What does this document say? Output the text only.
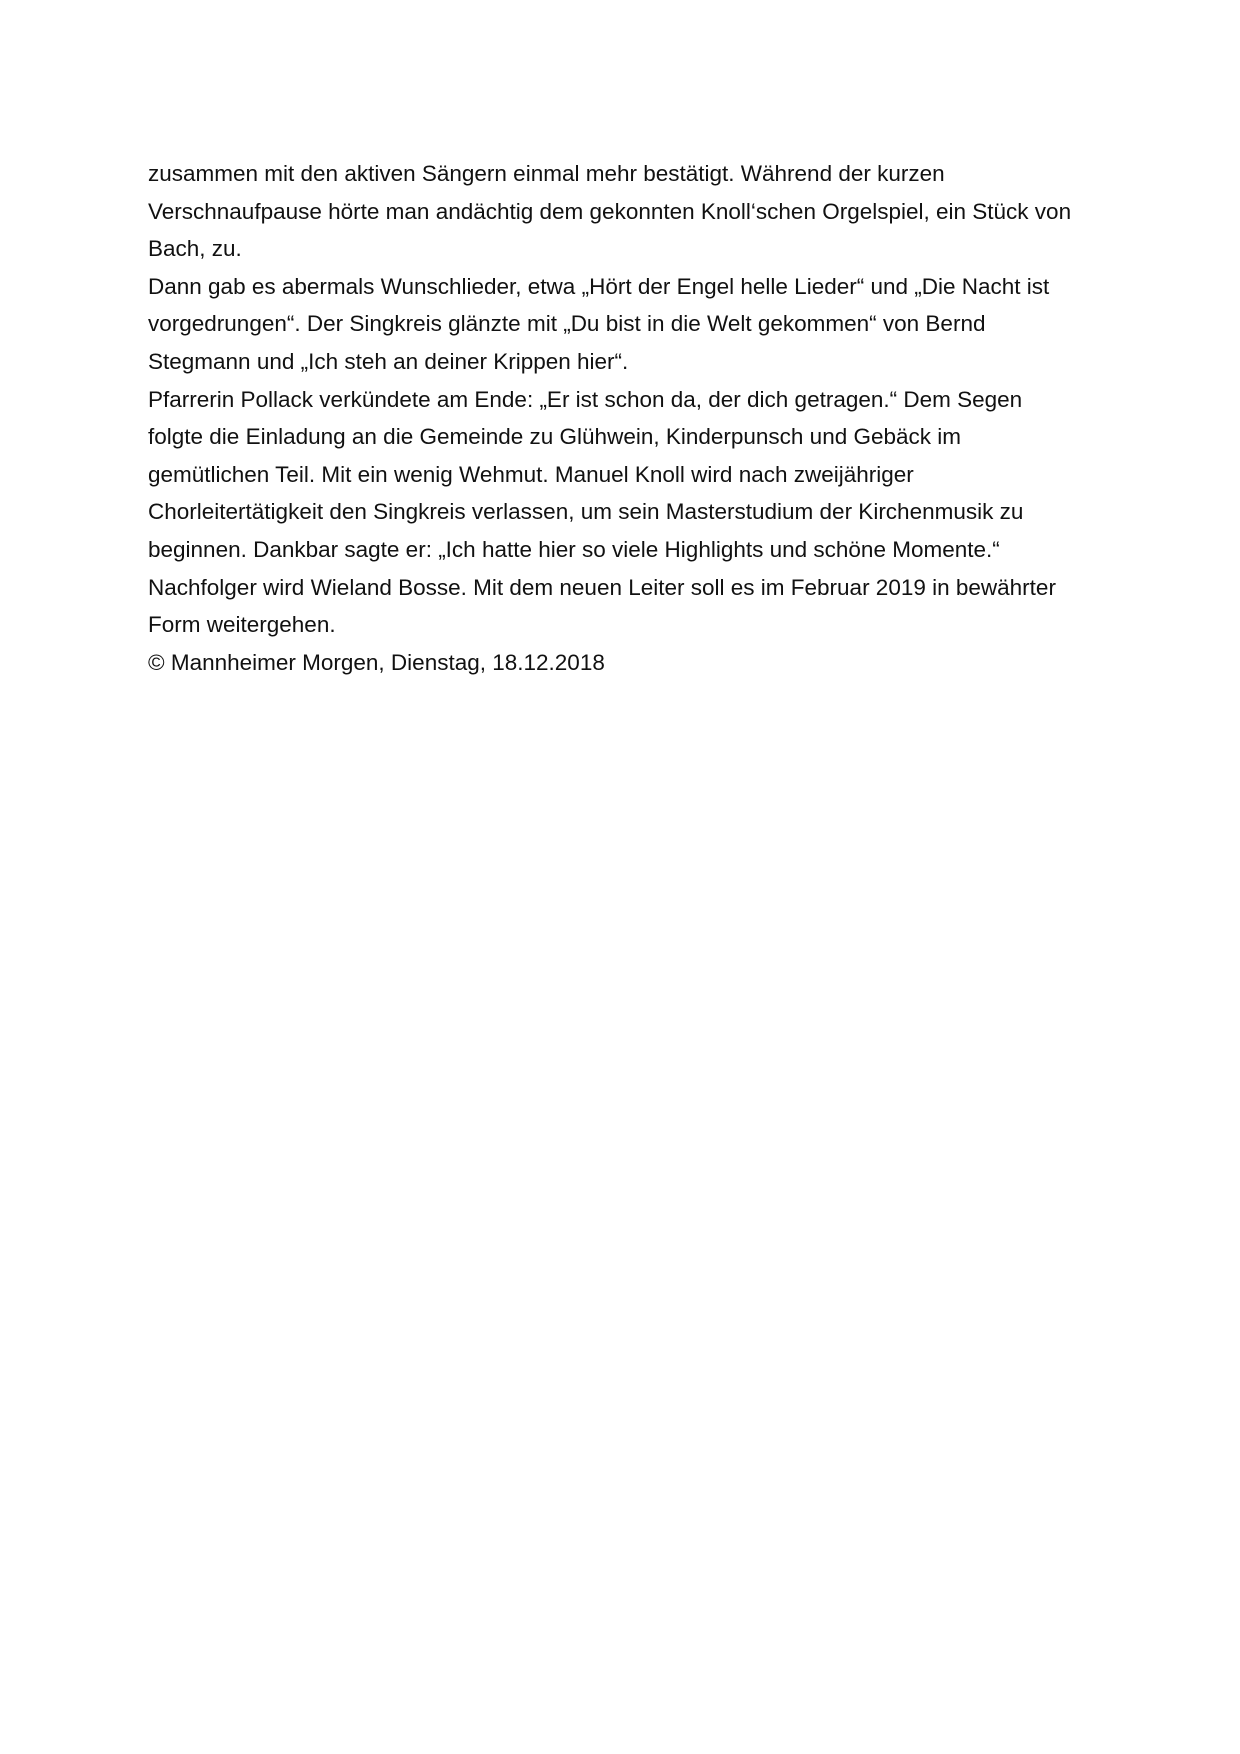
zusammen mit den aktiven Sängern einmal mehr bestätigt. Während der kurzen
Verschnaufpause hörte man andächtig dem gekonnten Knoll‘schen Orgelspiel, ein Stück von
Bach, zu.
Dann gab es abermals Wunschlieder, etwa „Hört der Engel helle Lieder“ und „Die Nacht ist
vorgedrungen“. Der Singkreis glänzte mit „Du bist in die Welt gekommen“ von Bernd
Stegmann und „Ich steh an deiner Krippen hier“.
Pfarrerin Pollack verkündete am Ende: „Er ist schon da, der dich getragen.“ Dem Segen
folgte die Einladung an die Gemeinde zu Glühwein, Kinderpunsch und Gebäck im
gemütlichen Teil. Mit ein wenig Wehmut. Manuel Knoll wird nach zweijähriger
Chorleitertätigkeit den Singkreis verlassen, um sein Masterstudium der Kirchenmusik zu
beginnen. Dankbar sagte er: „Ich hatte hier so viele Highlights und schöne Momente.“
Nachfolger wird Wieland Bosse. Mit dem neuen Leiter soll es im Februar 2019 in bewährter
Form weitergehen.
© Mannheimer Morgen, Dienstag, 18.12.2018
